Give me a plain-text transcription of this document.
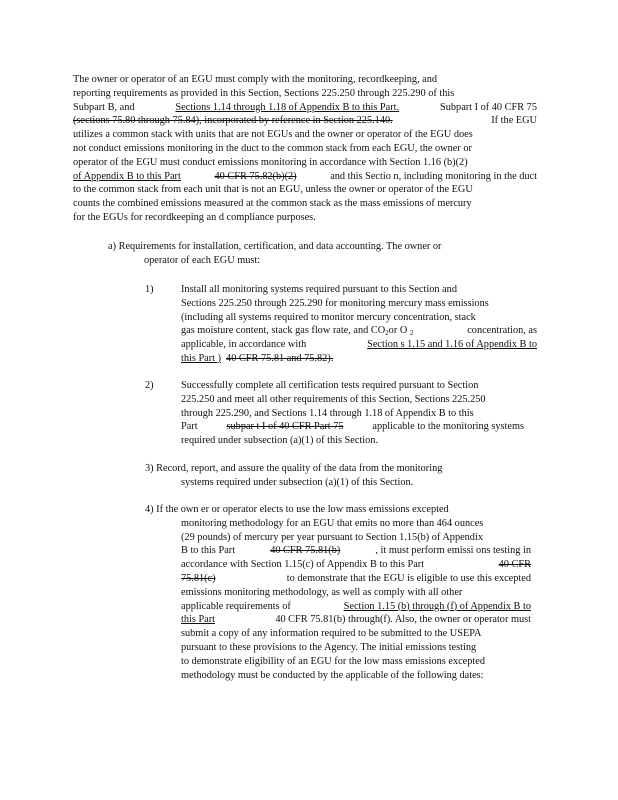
The owner or operator of an EGU must comply with the monitoring, recordkeeping, and
reporting requirements as provided in this Section, Sections 225.250 through 225.290 of this
Subpart B, and	Sections 1.14 through 1.18 of Appendix B to this Part.	Subpart I of 40 CFR 75
(sections 75.80 through 75.84), incorporated by reference in Section 225.140.	If the EGU
utilizes a common stack with units that are not EGUs and the owner or operator of the EGU does
not conduct emissions monitoring in the duct to the common stack from each EGU, the owner or
operator of the EGU must conduct emissions monitoring in accordance with Section 1.16 (b)(2)
of Appendix B to this Part	40 CFR 75.82(b)(2)	and this Sectio n, including monitoring in the duct
to the common stack from each unit that is not an EGU, unless the owner or operator of the EGU
counts the combined emissions measured at the common stack as the mass emissions of mercury
for the EGUs for recordkeeping an d compliance purposes.
a) Requirements for installation, certification, and data accounting. The owner or
operator of each EGU must:
1)	Install all monitoring systems required pursuant to this Section and
Sections 225.250 through 225.290 for monitoring mercury mass emissions
(including all systems required to monitor mercury concentration, stack
gas moisture content, stack gas flow rate, and $CO_2or$ O $_2$	concentration, as
applicable, in accordance with	Section s 1.15 and 1.16 of Appendix B to
this Part ) 40 CFR 75.81 and 75.82).
2)	Successfully complete all certification tests required pursuant to Section
225.250 and meet all other requirements of this Section, Sections 225.250
through 225.290, and Sections 1.14 through 1.18 of Appendix B to this
Part	subpar t I of 40 CFR Part 75	applicable to the monitoring systems
required under subsection (a)(1) of this Section.
3) Record, report, and assure the quality of the data from the monitoring
systems required under subsection (a)(1) of this Section.
4) If the own er or operator elects to use the low mass emissions excepted
monitoring methodology for an EGU that emits no more than 464 ounces
(29 pounds) of mercury per year pursuant to Section 1.15(b) of Appendix
B to this Part	40 CFR 75.81(b)	, it must perform emissi ons testing in
accordance with Section 1.15(c) of Appendix B to this Part	40 CFR
75.81(c)	to demonstrate that the EGU is eligible to use this excepted
emissions monitoring methodology, as well as comply with all other
applicable requirements of	Section 1.15 (b) through (f) of Appendix B to
this Part	40 CFR 75.81(b) through(f). Also, the owner or operator must
submit a copy of any information required to be submitted to the USEPA
pursuant to these provisions to the Agency. The initial emissions testing
to demonstrate eligibility of an EGU for the low mass emissions excepted
methodology must be conducted by the applicable of the following dates:
